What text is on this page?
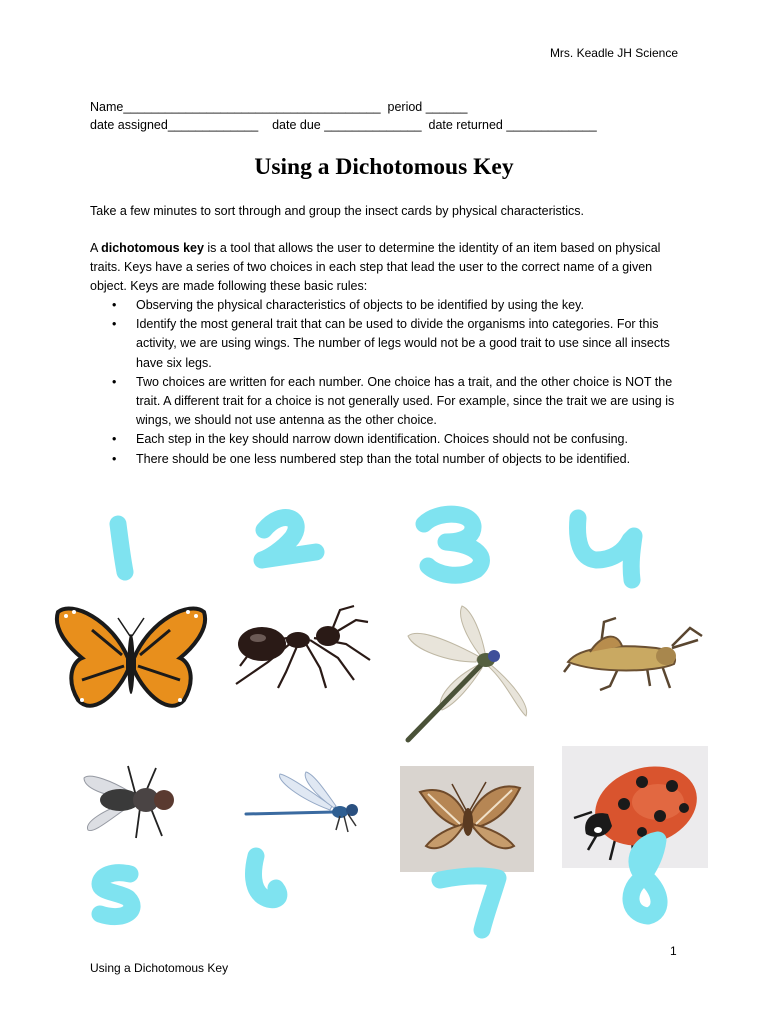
Mrs. Keadle JH Science
Name_____________________________________  period ______
date assigned_____________    date due ______________  date returned _____________
Using a Dichotomous Key
Take a few minutes to sort through and group the insect cards by physical characteristics.
A dichotomous key is a tool that allows the user to determine the identity of an item based on physical traits. Keys have a series of two choices in each step that lead the user to the correct name of a given object. Keys are made following these basic rules:
• Observing the physical characteristics of objects to be identified by using the key.
• Identify the most general trait that can be used to divide the organisms into categories. For this activity, we are using wings. The number of legs would not be a good trait to use since all insects have six legs.
• Two choices are written for each number. One choice has a trait, and the other choice is NOT the trait. A different trait for a choice is not generally used. For example, since the trait we are using is wings, we should not use antenna as the other choice.
• Each step in the key should narrow down identification. Choices should not be confusing.
• There should be one less numbered step than the total number of objects to be identified.
1
Using a Dichotomous Key
